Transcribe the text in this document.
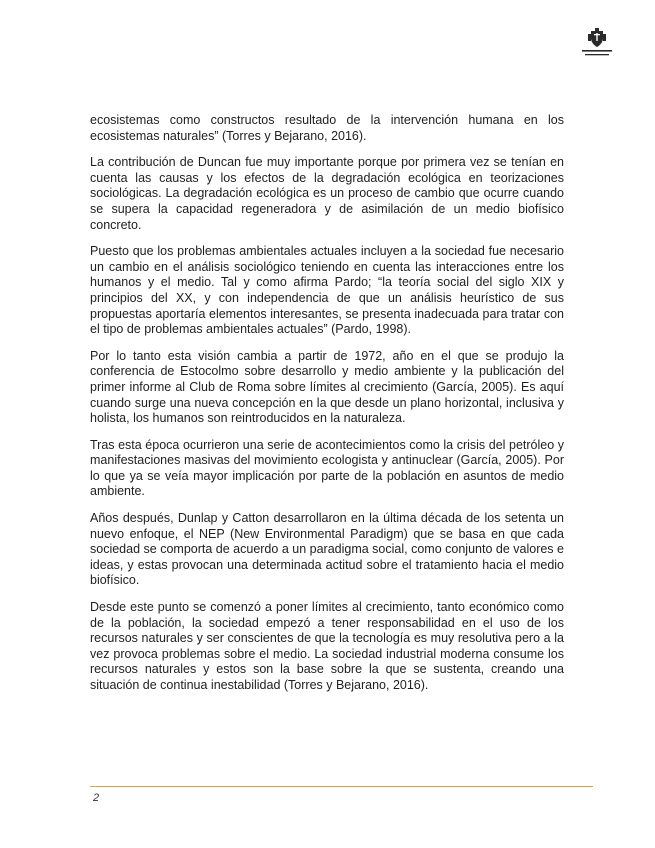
ecosistemas como constructos resultado de la intervención humana en los ecosistemas naturales” (Torres y Bejarano, 2016).

La contribución de Duncan fue muy importante porque por primera vez se tenían en cuenta las causas y los efectos de la degradación ecológica en teorizaciones sociológicas. La degradación ecológica es un proceso de cambio que ocurre cuando se supera la capacidad regeneradora y de asimilación de un medio biofísico concreto.

Puesto que los problemas ambientales actuales incluyen a la sociedad fue necesario un cambio en el análisis sociológico teniendo en cuenta las interacciones entre los humanos y el medio. Tal y como afirma Pardo; “la teoría social del siglo XIX y principios del XX, y con independencia de que un análisis heurístico de sus propuestas aportaría elementos interesantes, se presenta inadecuada para tratar con el tipo de problemas ambientales actuales” (Pardo, 1998).

Por lo tanto esta visión cambia a partir de 1972, año en el que se produjo la conferencia de Estocolmo sobre desarrollo y medio ambiente y la publicación del primer informe al Club de Roma sobre límites al crecimiento (García, 2005). Es aquí cuando surge una nueva concepción en la que desde un plano horizontal, inclusiva y holista, los humanos son reintroducidos en la naturaleza.

Tras esta época ocurrieron una serie de acontecimientos como la crisis del petróleo y manifestaciones masivas del movimiento ecologista y antinuclear (García, 2005). Por lo que ya se veía mayor implicación por parte de la población en asuntos de medio ambiente.

Años después, Dunlap y Catton desarrollaron en la última década de los setenta un nuevo enfoque, el NEP (New Environmental Paradigm) que se basa en que cada sociedad se comporta de acuerdo a un paradigma social, como conjunto de valores e ideas, y estas provocan una determinada actitud sobre el tratamiento hacia el medio biofísico.

Desde este punto se comenzó a poner límites al crecimiento, tanto económico como de la población, la sociedad empezó a tener responsabilidad en el uso de los recursos naturales y ser conscientes de que la tecnología es muy resolutiva pero a la vez provoca problemas sobre el medio. La sociedad industrial moderna consume los recursos naturales y estos son la base sobre la que se sustenta, creando una situación de continua inestabilidad (Torres y Bejarano, 2016).

2
